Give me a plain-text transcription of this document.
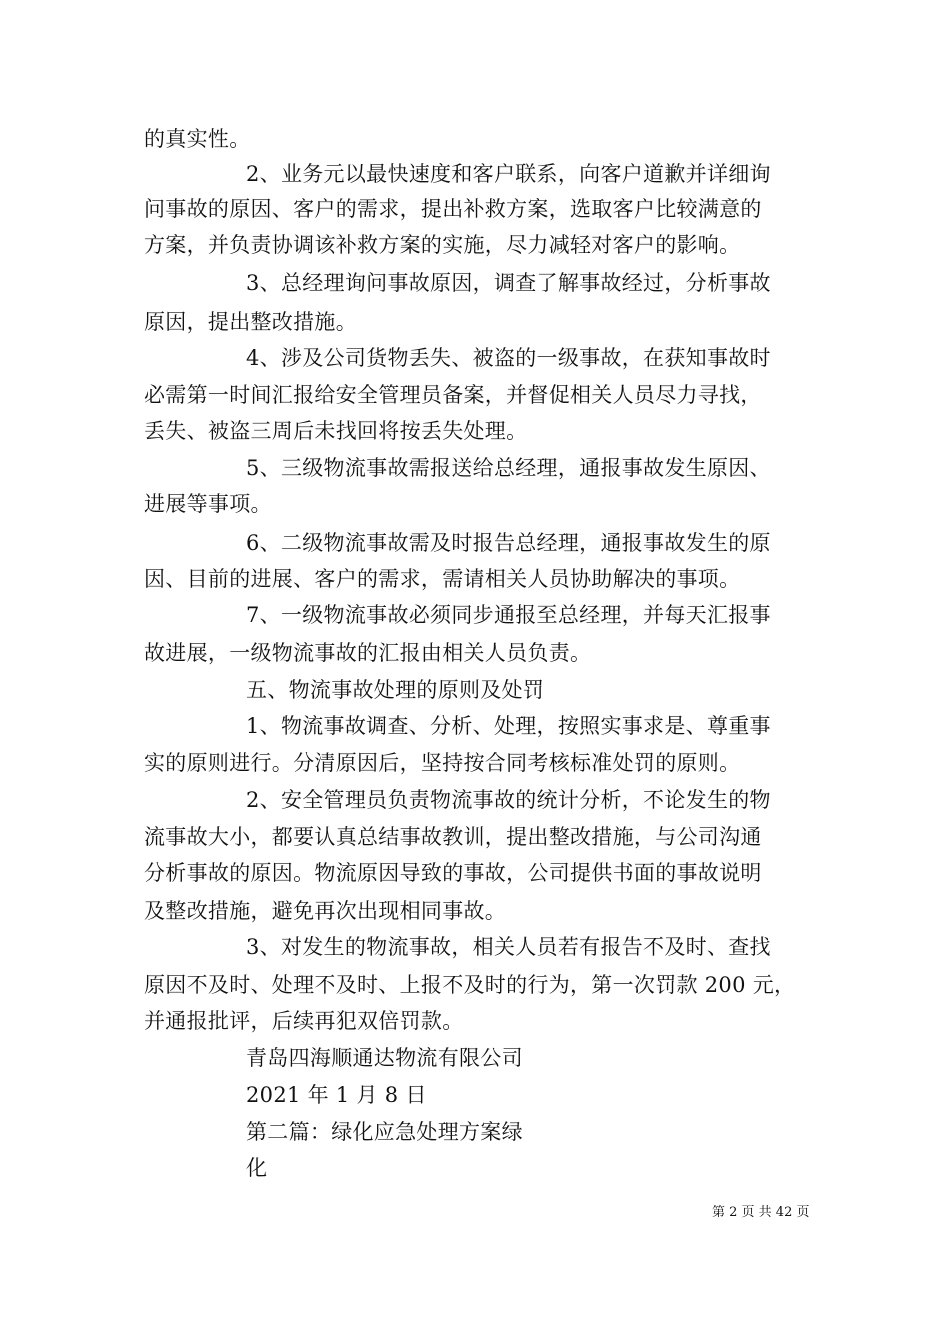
的真实性。
2、业务元以最快速度和客户联系，向客户道歉并详细询
问事故的原因、客户的需求，提出补救方案，选取客户比较满意的
方案，并负责协调该补救方案的实施，尽力减轻对客户的影响。
3、总经理询问事故原因，调查了解事故经过，分析事故
原因，提出整改措施。
4、涉及公司货物丢失、被盗的一级事故，在获知事故时
必需第一时间汇报给安全管理员备案，并督促相关人员尽力寻找，
丢失、被盗三周后未找回将按丢失处理。
5、三级物流事故需报送给总经理，通报事故发生原因、
进展等事项。
6、二级物流事故需及时报告总经理，通报事故发生的原
因、目前的进展、客户的需求，需请相关人员协助解决的事项。
7、一级物流事故必须同步通报至总经理，并每天汇报事
故进展，一级物流事故的汇报由相关人员负责。
五、物流事故处理的原则及处罚
1、物流事故调查、分析、处理，按照实事求是、尊重事
实的原则进行。分清原因后，坚持按合同考核标准处罚的原则。
2、安全管理员负责物流事故的统计分析，不论发生的物
流事故大小，都要认真总结事故教训，提出整改措施，与公司沟通
分析事故的原因。物流原因导致的事故，公司提供书面的事故说明
及整改措施，避免再次出现相同事故。
3、对发生的物流事故，相关人员若有报告不及时、查找
原因不及时、处理不及时、上报不及时的行为，第一次罚款 200 元，
并通报批评，后续再犯双倍罚款。
青岛四海顺通达物流有限公司
2021 年 1 月 8 日
第二篇：绿化应急处理方案绿
化
第 2 页 共 42 页
